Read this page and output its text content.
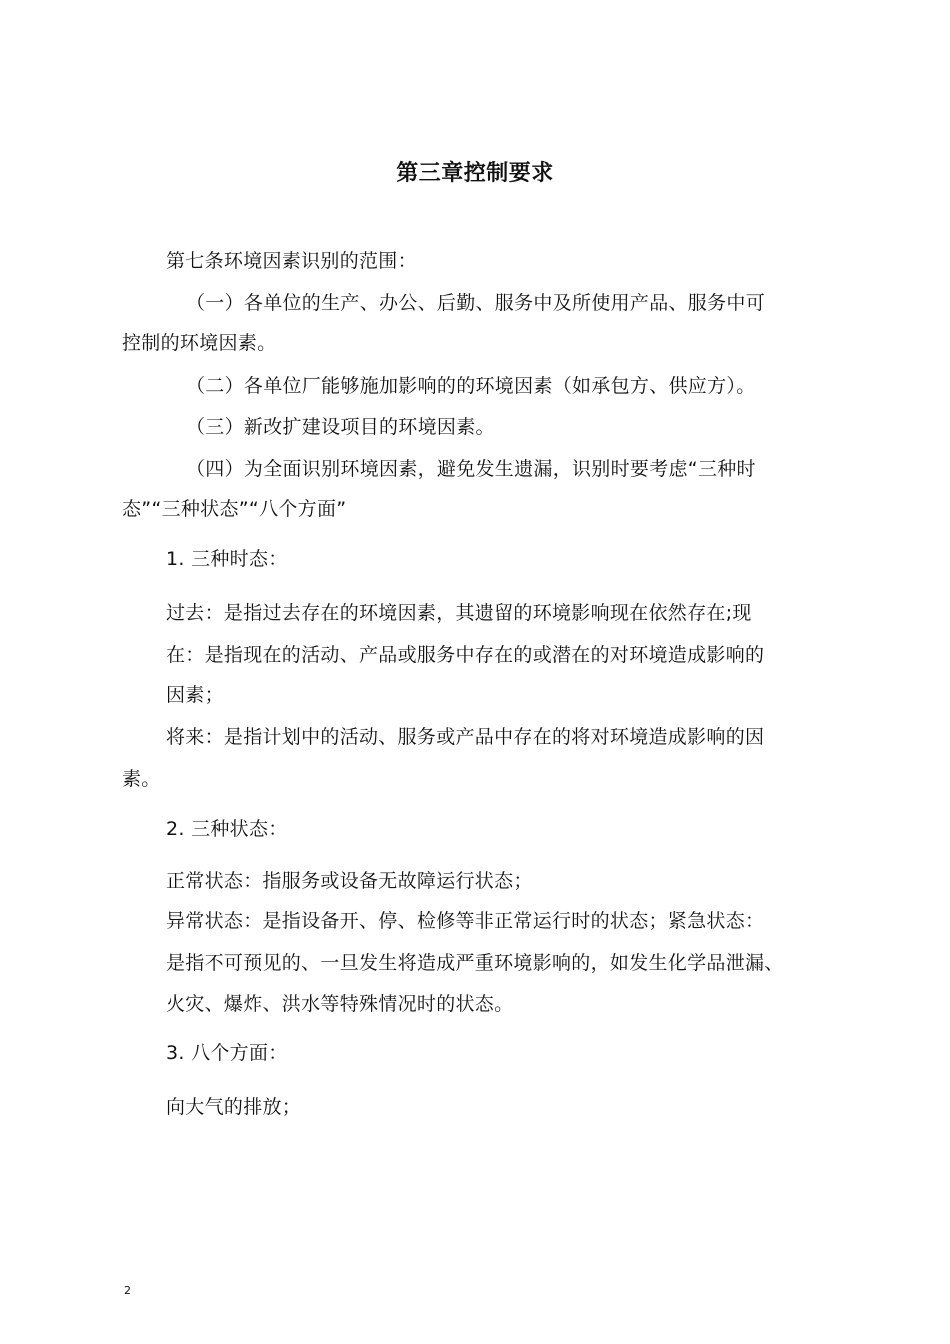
第三章控制要求
第七条环境因素识别的范围：
（一）各单位的生产、办公、后勤、服务中及所使用产品、服务中可
控制的环境因素。
（二）各单位厂能够施加影响的的环境因素（如承包方、供应方）。
（三）新改扩建设项目的环境因素。
（四）为全面识别环境因素，避免发生遗漏，识别时要考虑“三种时
态”“三种状态”“八个方面”
1. 三种时态：
过去：是指过去存在的环境因素，其遗留的环境影响现在依然存在;现
在：是指现在的活动、产品或服务中存在的或潜在的对环境造成影响的
因素；
将来：是指计划中的活动、服务或产品中存在的将对环境造成影响的因
素。
2. 三种状态：
正常状态：指服务或设备无故障运行状态；
异常状态：是指设备开、停、检修等非正常运行时的状态；紧急状态：
是指不可预见的、一旦发生将造成严重环境影响的，如发生化学品泄漏、
火灾、爆炸、洪水等特殊情况时的状态。
3. 八个方面：
向大气的排放；
2
